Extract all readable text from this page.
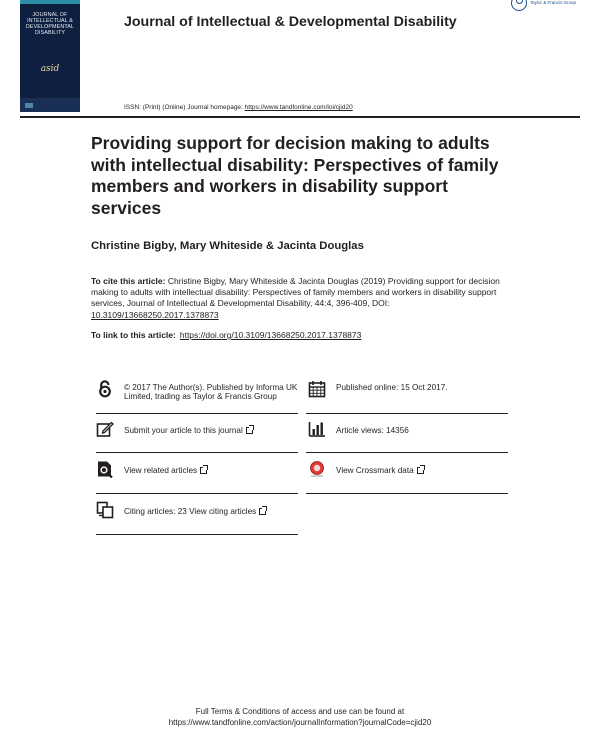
JOURNAL OF INTELLECTUAL & DEVELOPMENTAL DISABILITY
asid
Journal of Intellectual & Developmental Disability
Taylor & Francis Group
ISSN: (Print) (Online) Journal homepage: https://www.tandfonline.com/loi/cjid20
Providing support for decision making to adults with intellectual disability: Perspectives of family members and workers in disability support services
Christine Bigby, Mary Whiteside & Jacinta Douglas
To cite this article: Christine Bigby, Mary Whiteside & Jacinta Douglas (2019) Providing support for decision making to adults with intellectual disability: Perspectives of family members and workers in disability support services, Journal of Intellectual & Developmental Disability, 44:4, 396-409, DOI: 10.3109/13668250.2017.1378873
To link to this article: https://doi.org/10.3109/13668250.2017.1378873
© 2017 The Author(s). Published by Informa UK Limited, trading as Taylor & Francis Group
Published online: 15 Oct 2017.
Submit your article to this journal	Article views: 14356
View related articles	View Crossmark data
Citing articles: 23 View citing articles
Full Terms & Conditions of access and use can be found at
https://www.tandfonline.com/action/journalInformation?journalCode=cjid20
